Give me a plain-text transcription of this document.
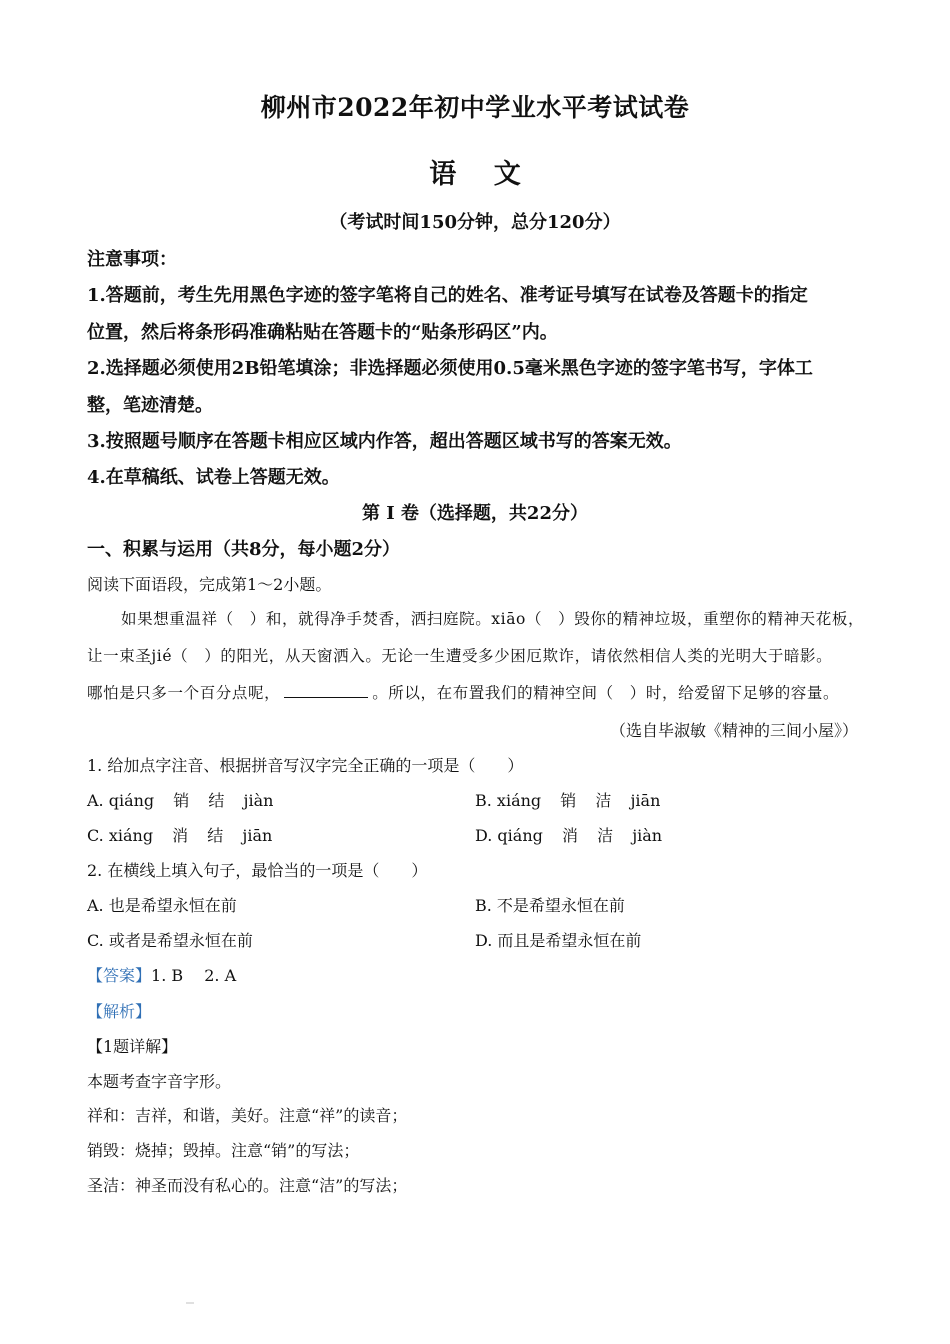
柳州市2022年初中学业水平考试试卷
语 文
（考试时间150分钟，总分120分）
注意事项：
1.答题前，考生先用黑色字迹的签字笔将自己的姓名、准考证号填写在试卷及答题卡的指定
位置，然后将条形码准确粘贴在答题卡的“贴条形码区”内。
2.选择题必须使用2B铅笔填涂；非选择题必须使用0.5毫米黑色字迹的签字笔书写，字体工
整，笔迹清楚。
3.按照题号顺序在答题卡相应区域内作答，超出答题区域书写的答案无效。
4.在草稿纸、试卷上答题无效。
第 Ⅰ 卷（选择题，共22分）
一、积累与运用（共8分，每小题2分）
阅读下面语段，完成第1～2小题。
如果想重温祥（　）和，就得净手焚香，洒扫庭院。xiāo（　）毁你的精神垃圾，重塑你的精神天花板，
让一束圣jié（　）的阳光，从天窗洒入。无论一生遭受多少困厄欺诈，请依然相信人类的光明大于暗影。
哪怕是只多一个百分点呢，	。所以，在布置我们的精神空间（　）时，给爱留下足够的容量。
（选自毕淑敏《精神的三间小屋》）
1. 给加点字注音、根据拼音写汉字完全正确的一项是（　　）
A. qiáng 销 结 jiàn	B. xiáng 销 洁 jiān
C. xiáng 消 结 jiān	D. qiáng 消 洁 jiàn
2. 在横线上填入句子，最恰当的一项是（　　）
A. 也是希望永恒在前	B. 不是希望永恒在前
C. 或者是希望永恒在前	D. 而且是希望永恒在前
【答案】1. B　 2. A
【解析】
【1题详解】
本题考查字音字形。
祥和：吉祥，和谐，美好。注意“祥”的读音；
销毁：烧掉；毁掉。注意“销”的写法；
圣洁：神圣而没有私心的。注意“洁”的写法；
